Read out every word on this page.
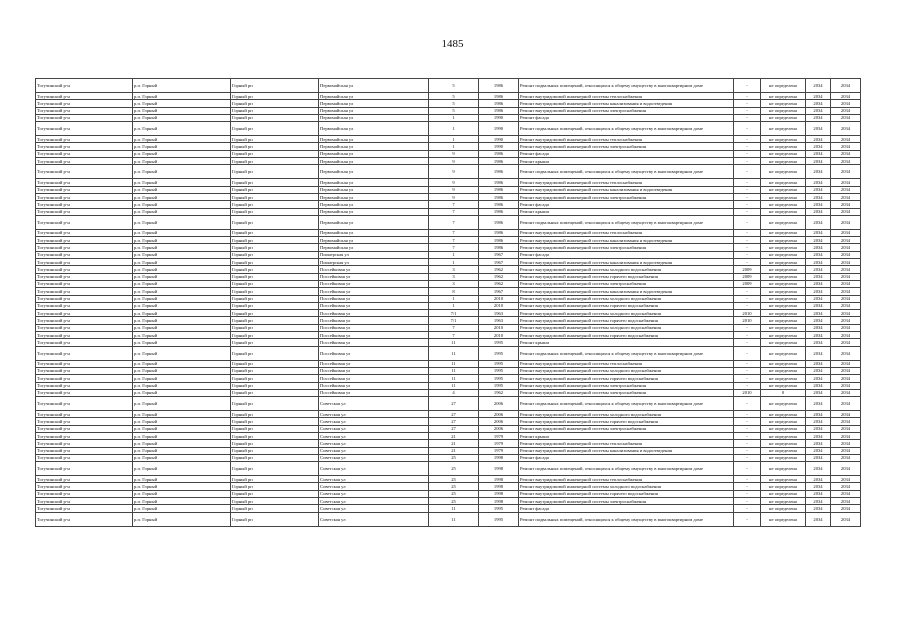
1485
Тогучинский р-н	р.п. Горный	Горный рп	Первомайская ул	5	1986	Ремонт подвальных помещений, относящихся к общему имуществу в многоквартирном доме	-	не определена	2034	2034
Тогучинский р-н	р.п. Горный	Горный рп	Первомайская ул	5	1986	Ремонт внутридомовой инженерной системы теплоснабжения	-	не определена	2034	2034
Тогучинский р-н	р.п. Горный	Горный рп	Первомайская ул	5	1986	Ремонт внутридомовой инженерной системы канализования и водоотведения	-	не определена	2034	2034
Тогучинский р-н	р.п. Горный	Горный рп	Первомайская ул	5	1986	Ремонт внутридомовой инженерной системы электроснабжения	-	не определена	2034	2034
Тогучинский р-н	р.п. Горный	Горный рп	Первомайская ул	1	1990	Ремонт фасада	-	не определена	2034	2034
Тогучинский р-н	р.п. Горный	Горный рп	Первомайская ул	1	1990	Ремонт подвальных помещений, относящихся к общему имуществу в многоквартирном доме	-	не определена	2034	2034
Тогучинский р-н	р.п. Горный	Горный рп	Первомайская ул	1	1990	Ремонт внутридомовой инженерной системы теплоснабжения	-	не определена	2034	2034
Тогучинский р-н	р.п. Горный	Горный рп	Первомайская ул	1	1990	Ремонт внутридомовой инженерной системы электроснабжения	-	не определена	2034	2034
Тогучинский р-н	р.п. Горный	Горный рп	Первомайская ул	9	1986	Ремонт фасада	-	не определена	2034	2034
Тогучинский р-н	р.п. Горный	Горный рп	Первомайская ул	9	1986	Ремонт крыши	-	не определена	2034	2034
Тогучинский р-н	р.п. Горный	Горный рп	Первомайская ул	9	1986	Ремонт подвальных помещений, относящихся к общему имуществу в многоквартирном доме	-	не определена	2034	2034
Тогучинский р-н	р.п. Горный	Горный рп	Первомайская ул	9	1986	Ремонт внутридомовой инженерной системы теплоснабжения	-	не определена	2034	2034
Тогучинский р-н	р.п. Горный	Горный рп	Первомайская ул	9	1986	Ремонт внутридомовой инженерной системы канализования и водоотведения	-	не определена	2034	2034
Тогучинский р-н	р.п. Горный	Горный рп	Первомайская ул	9	1986	Ремонт внутридомовой инженерной системы электроснабжения	-	не определена	2034	2034
Тогучинский р-н	р.п. Горный	Горный рп	Первомайская ул	7	1986	Ремонт фасада	-	не определена	2034	2034
Тогучинский р-н	р.п. Горный	Горный рп	Первомайская ул	7	1986	Ремонт крыши	-	не определена	2034	2034
Тогучинский р-н	р.п. Горный	Горный рп	Первомайская ул	7	1986	Ремонт подвальных помещений, относящихся к общему имуществу в многоквартирном доме	-	не определена	2034	2034
Тогучинский р-н	р.п. Горный	Горный рп	Первомайская ул	7	1986	Ремонт внутридомовой инженерной системы теплоснабжения	-	не определена	2034	2034
Тогучинский р-н	р.п. Горный	Горный рп	Первомайская ул	7	1986	Ремонт внутридомовой инженерной системы канализования и водоотведения	-	не определена	2034	2034
Тогучинский р-н	р.п. Горный	Горный рп	Первомайская ул	7	1986	Ремонт внутридомовой инженерной системы электроснабжения	-	не определена	2034	2034
Тогучинский р-н	р.п. Горный	Горный рп	Пионерская ул	1	1967	Ремонт фасада	-	не определена	2034	2034
Тогучинский р-н	р.п. Горный	Горный рп	Пионерская ул	1	1967	Ремонт внутридомовой инженерной системы канализования и водоотведения	-	не определена	2034	2034
Тогучинский р-н	р.п. Горный	Горный рп	Пocсейковая ул	3	1962	Ремонт внутридомовой инженерной системы холодного водоснабжения	2009	не определена	2034	2034
Тогучинский р-н	р.п. Горный	Горный рп	Пocсейковая ул	3	1962	Ремонт внутридомовой инженерной системы горячего водоснабжения	2009	не определена	2034	2034
Тогучинский р-н	р.п. Горный	Горный рп	Пocсейковая ул	3	1962	Ремонт внутридомовой инженерной системы электроснабжения	2009	не определена	2034	2034
Тогучинский р-н	р.п. Горный	Горный рп	Пocсейковая ул	8	1967	Ремонт внутридомовой инженерной системы канализования и водоотведения	-	не определена	2034	2034
Тогучинский р-н	р.п. Горный	Горный рп	Пocсейковая ул	1	2010	Ремонт внутридомовой инженерной системы холодного водоснабжения	-	не определена	2034	2034
Тогучинский р-н	р.п. Горный	Горный рп	Пocсейковая ул	1	2010	Ремонт внутридомовой инженерной системы горячего водоснабжения	-	не определена	2034	2034
Тогучинский р-н	р.п. Горный	Горный рп	Пocсейковая ул	7/1	1963	Ремонт внутридомовой инженерной системы холодного водоснабжения	2010	не определена	2034	2034
Тогучинский р-н	р.п. Горный	Горный рп	Пocсейковая ул	7/1	1963	Ремонт внутридомовой инженерной системы горячего водоснабжения	2010	не определена	2034	2034
Тогучинский р-н	р.п. Горный	Горный рп	Пocсейковая ул	7	2010	Ремонт внутридомовой инженерной системы холодного водоснабжения	-	не определена	2034	2034
Тогучинский р-н	р.п. Горный	Горный рп	Пocсейковая ул	7	2010	Ремонт внутридомовой инженерной системы горячего водоснабжения	-	не определена	2034	2034
Тогучинский р-н	р.п. Горный	Горный рп	Пocсейковая ул	11	1995	Ремонт крыши	-	не определена	2034	2034
Тогучинский р-н	р.п. Горный	Горный рп	Пocсейковая ул	11	1995	Ремонт подвальных помещений, относящихся к общему имуществу в многоквартирном доме	-	не определена	2034	2034
Тогучинский р-н	р.п. Горный	Горный рп	Пocсейковая ул	11	1995	Ремонт внутридомовой инженерной системы теплоснабжения	-	не определена	2034	2034
Тогучинский р-н	р.п. Горный	Горный рп	Пocсейковая ул	11	1995	Ремонт внутридомовой инженерной системы холодного водоснабжения	-	не определена	2034	2034
Тогучинский р-н	р.п. Горный	Горный рп	Пocсейковая ул	11	1995	Ремонт внутридомовой инженерной системы горячего водоснабжения	-	не определена	2034	2034
Тогучинский р-н	р.п. Горный	Горный рп	Пocсейковая ул	11	1995	Ремонт внутридомовой инженерной системы электроснабжения	-	не определена	2034	2034
Тогучинский р-н	р.п. Горный	Горный рп	Пocсейковая ул	4	1962	Ремонт внутридомовой инженерной системы электроснабжения	2010	0	2034	2034
Тогучинский р-н	р.п. Горный	Горный рп	Советская ул	27	2006	Ремонт подвальных помещений, относящихся к общему имуществу в многоквартирном доме	-	не определена	2034	2034
Тогучинский р-н	р.п. Горный	Горный рп	Советская ул	27	2006	Ремонт внутридомовой инженерной системы холодного водоснабжения	-	не определена	2034	2034
Тогучинский р-н	р.п. Горный	Горный рп	Советская ул	27	2006	Ремонт внутридомовой инженерной системы горячего водоснабжения	-	не определена	2034	2034
Тогучинский р-н	р.п. Горный	Горный рп	Советская ул	27	2006	Ремонт внутридомовой инженерной системы электроснабжения	-	не определена	2034	2034
Тогучинский р-н	р.п. Горный	Горный рп	Советская ул	21	1979	Ремонт крыши	-	не определена	2034	2034
Тогучинский р-н	р.п. Горный	Горный рп	Советская ул	21	1979	Ремонт внутридомовой инженерной системы теплоснабжения	-	не определена	2034	2034
Тогучинский р-н	р.п. Горный	Горный рп	Советская ул	21	1979	Ремонт внутридомовой инженерной системы канализования и водоотведения	-	не определена	2034	2034
Тогучинский р-н	р.п. Горный	Горный рп	Советская ул	25	1998	Ремонт фасада	-	не определена	2034	2034
Тогучинский р-н	р.п. Горный	Горный рп	Советская ул	25	1998	Ремонт подвальных помещений, относящихся к общему имуществу в многоквартирном доме	-	не определена	2034	2034
Тогучинский р-н	р.п. Горный	Горный рп	Советская ул	25	1998	Ремонт внутридомовой инженерной системы теплоснабжения	-	не определена	2034	2034
Тогучинский р-н	р.п. Горный	Горный рп	Советская ул	25	1998	Ремонт внутридомовой инженерной системы холодного водоснабжения	-	не определена	2034	2034
Тогучинский р-н	р.п. Горный	Горный рп	Советская ул	25	1998	Ремонт внутридомовой инженерной системы горячего водоснабжения	-	не определена	2034	2034
Тогучинский р-н	р.п. Горный	Горный рп	Советская ул	25	1998	Ремонт внутридомовой инженерной системы электроснабжения	-	не определена	2034	2034
Тогучинский р-н	р.п. Горный	Горный рп	Советская ул	11	1995	Ремонт фасада	-	не определена	2034	2034
Тогучинский р-н	р.п. Горный	Горный рп	Советская ул	11	1995	Ремонт подвальных помещений, относящихся к общему имуществу в многоквартирном доме	-	не определена	2034	2034
